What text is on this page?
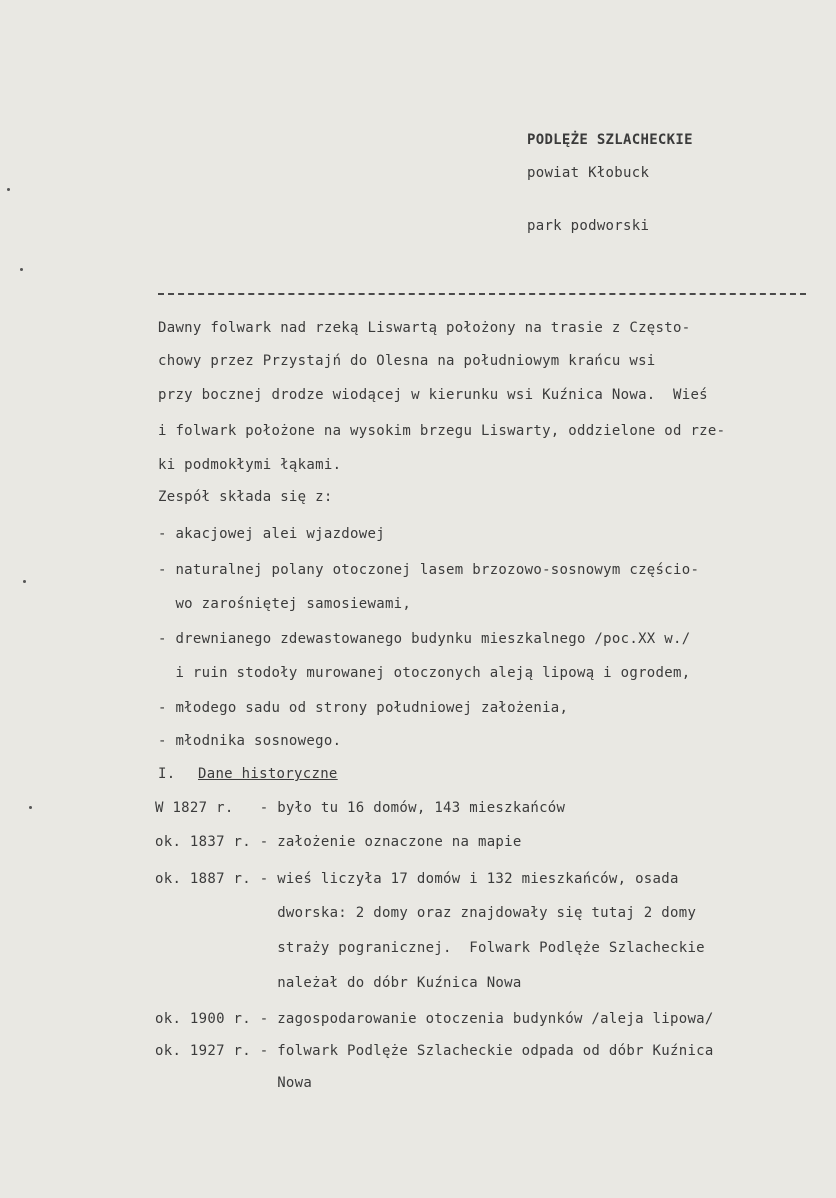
PODLĘŻE SZLACHECKIE
powiat Kłobuck
park podworski
Dawny folwark nad rzeką Liswartą położony na trasie z Często-
chowy przez Przystajń do Olesna na południowym krańcu wsi
przy bocznej drodze wiodącej w kierunku wsi Kuźnica Nowa.  Wieś
i folwark położone na wysokim brzegu Liswarty, oddzielone od rze-
ki podmokłymi łąkami.
Zespół składa się z:
- akacjowej alei wjazdowej
- naturalnej polany otoczonej lasem brzozowo-sosnowym częścio-
wo zarośniętej samosiewami,
- drewnianego zdewastowanego budynku mieszkalnego /poc.XX w./
i ruin stodoły murowanej otoczonych aleją lipową i ogrodem,
- młodego sadu od strony południowej założenia,
- młodnika sosnowego.
I. Dane historyczne
W 1827 r.   - było tu 16 domów, 143 mieszkańców
ok. 1837 r. - założenie oznaczone na mapie
ok. 1887 r. - wieś liczyła 17 domów i 132 mieszkańców, osada
dworska: 2 domy oraz znajdowały się tutaj 2 domy
straży pogranicznej.  Folwark Podlęże Szlacheckie
należał do dóbr Kuźnica Nowa
ok. 1900 r. - zagospodarowanie otoczenia budynków /aleja lipowa/
ok. 1927 r. - folwark Podlęże Szlacheckie odpada od dóbr Kuźnica
Nowa
